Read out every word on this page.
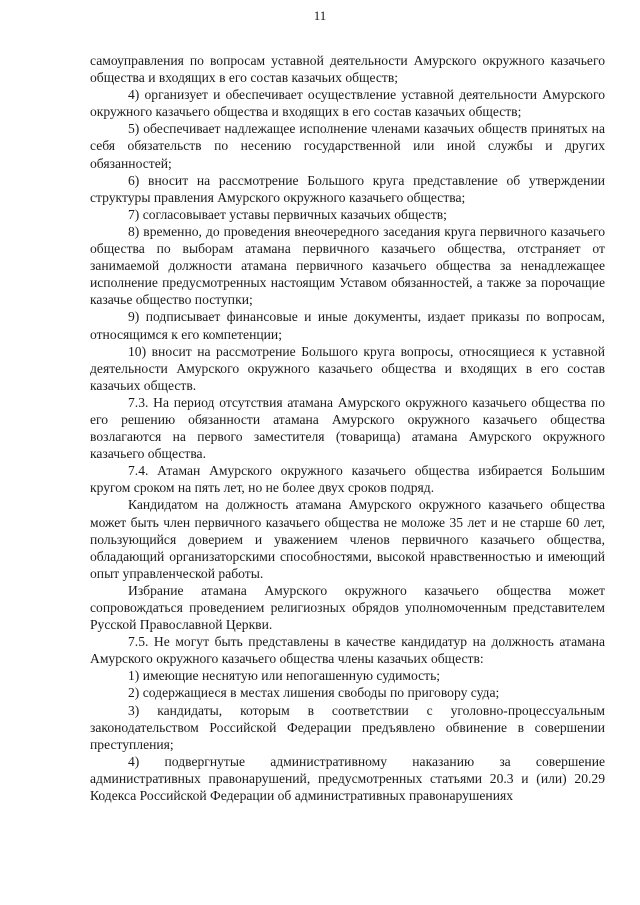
11

самоуправления по вопросам уставной деятельности Амурского окружного казачьего общества и входящих в его состав казачьих обществ;

4) организует и обеспечивает осуществление уставной деятельности Амурского окружного казачьего общества и входящих в его состав казачьих обществ;

5) обеспечивает надлежащее исполнение членами казачьих обществ принятых на себя обязательств по несению государственной или иной службы и других обязанностей;

6) вносит на рассмотрение Большого круга представление об утверждении структуры правления Амурского окружного казачьего общества;

7) согласовывает уставы первичных казачьих обществ;

8) временно, до проведения внеочередного заседания круга первичного казачьего общества по выборам атамана первичного казачьего общества, отстраняет от занимаемой должности атамана первичного казачьего общества за ненадлежащее исполнение предусмотренных настоящим Уставом обязанностей, а также за порочащие казачье общество поступки;

9) подписывает финансовые и иные документы, издает приказы по вопросам, относящимся к его компетенции;

10) вносит на рассмотрение Большого круга вопросы, относящиеся к уставной деятельности Амурского окружного казачьего общества и входящих в его состав казачьих обществ.

7.3. На период отсутствия атамана Амурского окружного казачьего общества по его решению обязанности атамана Амурского окружного казачьего общества возлагаются на первого заместителя (товарища) атамана Амурского окружного казачьего общества.

7.4. Атаман Амурского окружного казачьего общества избирается Большим кругом сроком на пять лет, но не более двух сроков подряд.

Кандидатом на должность атамана Амурского окружного казачьего общества может быть член первичного казачьего общества не моложе 35 лет и не старше 60 лет, пользующийся доверием и уважением членов первичного казачьего общества, обладающий организаторскими способностями, высокой нравственностью и имеющий опыт управленческой работы.

Избрание атамана Амурского окружного казачьего общества может сопровождаться проведением религиозных обрядов уполномоченным представителем Русской Православной Церкви.

7.5. Не могут быть представлены в качестве кандидатур на должность атамана Амурского окружного казачьего общества члены казачьих обществ:

1) имеющие неснятую или непогашенную судимость;

2) содержащиеся в местах лишения свободы по приговору суда;

3) кандидаты, которым в соответствии с уголовно-процессуальным законодательством Российской Федерации предъявлено обвинение в совершении преступления;

4) подвергнутые административному наказанию за совершение административных правонарушений, предусмотренных статьями 20.3 и (или) 20.29 Кодекса Российской Федерации об административных правонарушениях
